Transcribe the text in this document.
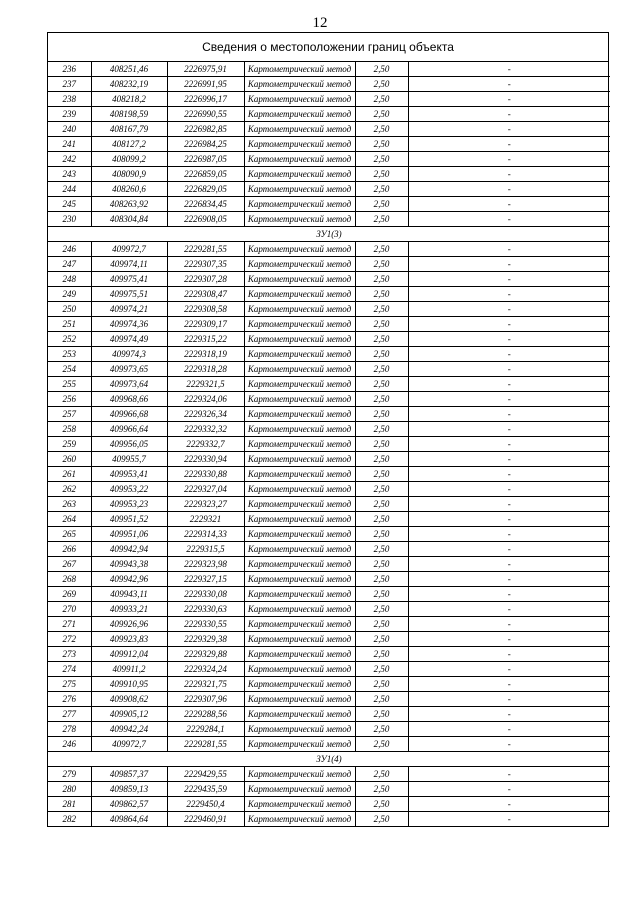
12
Сведения о местоположении границ объекта
236	408251,46	2226975,91	Картометрический метод	2,50	-
237	408232,19	2226991,95	Картометрический метод	2,50	-
238	408218,2	2226996,17	Картометрический метод	2,50	-
239	408198,59	2226990,55	Картометрический метод	2,50	-
240	408167,79	2226982,85	Картометрический метод	2,50	-
241	408127,2	2226984,25	Картометрический метод	2,50	-
242	408099,2	2226987,05	Картометрический метод	2,50	-
243	408090,9	2226859,05	Картометрический метод	2,50	-
244	408260,6	2226829,05	Картометрический метод	2,50	-
245	408263,92	2226834,45	Картометрический метод	2,50	-
230	408304,84	2226908,05	Картометрический метод	2,50	-
ЗУ1(3)					
246	409972,7	2229281,55	Картометрический метод	2,50	-
247	409974,11	2229307,35	Картометрический метод	2,50	-
248	409975,41	2229307,28	Картометрический метод	2,50	-
249	409975,51	2229308,47	Картометрический метод	2,50	-
250	409974,21	2229308,58	Картометрический метод	2,50	-
251	409974,36	2229309,17	Картометрический метод	2,50	-
252	409974,49	2229315,22	Картометрический метод	2,50	-
253	409974,3	2229318,19	Картометрический метод	2,50	-
254	409973,65	2229318,28	Картометрический метод	2,50	-
255	409973,64	2229321,5	Картометрический метод	2,50	-
256	409968,66	2229324,06	Картометрический метод	2,50	-
257	409966,68	2229326,34	Картометрический метод	2,50	-
258	409966,64	2229332,32	Картометрический метод	2,50	-
259	409956,05	2229332,7	Картометрический метод	2,50	-
260	409955,7	2229330,94	Картометрический метод	2,50	-
261	409953,41	2229330,88	Картометрический метод	2,50	-
262	409953,22	2229327,04	Картометрический метод	2,50	-
263	409953,23	2229323,27	Картометрический метод	2,50	-
264	409951,52	2229321	Картометрический метод	2,50	-
265	409951,06	2229314,33	Картометрический метод	2,50	-
266	409942,94	2229315,5	Картометрический метод	2,50	-
267	409943,38	2229323,98	Картометрический метод	2,50	-
268	409942,96	2229327,15	Картометрический метод	2,50	-
269	409943,11	2229330,08	Картометрический метод	2,50	-
270	409933,21	2229330,63	Картометрический метод	2,50	-
271	409926,96	2229330,55	Картометрический метод	2,50	-
272	409923,83	2229329,38	Картометрический метод	2,50	-
273	409912,04	2229329,88	Картометрический метод	2,50	-
274	409911,2	2229324,24	Картометрический метод	2,50	-
275	409910,95	2229321,75	Картометрический метод	2,50	-
276	409908,62	2229307,96	Картометрический метод	2,50	-
277	409905,12	2229288,56	Картометрический метод	2,50	-
278	409942,24	2229284,1	Картометрический метод	2,50	-
246	409972,7	2229281,55	Картометрический метод	2,50	-
ЗУ1(4)					
279	409857,37	2229429,55	Картометрический метод	2,50	-
280	409859,13	2229435,59	Картометрический метод	2,50	-
281	409862,57	2229450,4	Картометрический метод	2,50	-
282	409864,64	2229460,91	Картометрический метод	2,50	-
